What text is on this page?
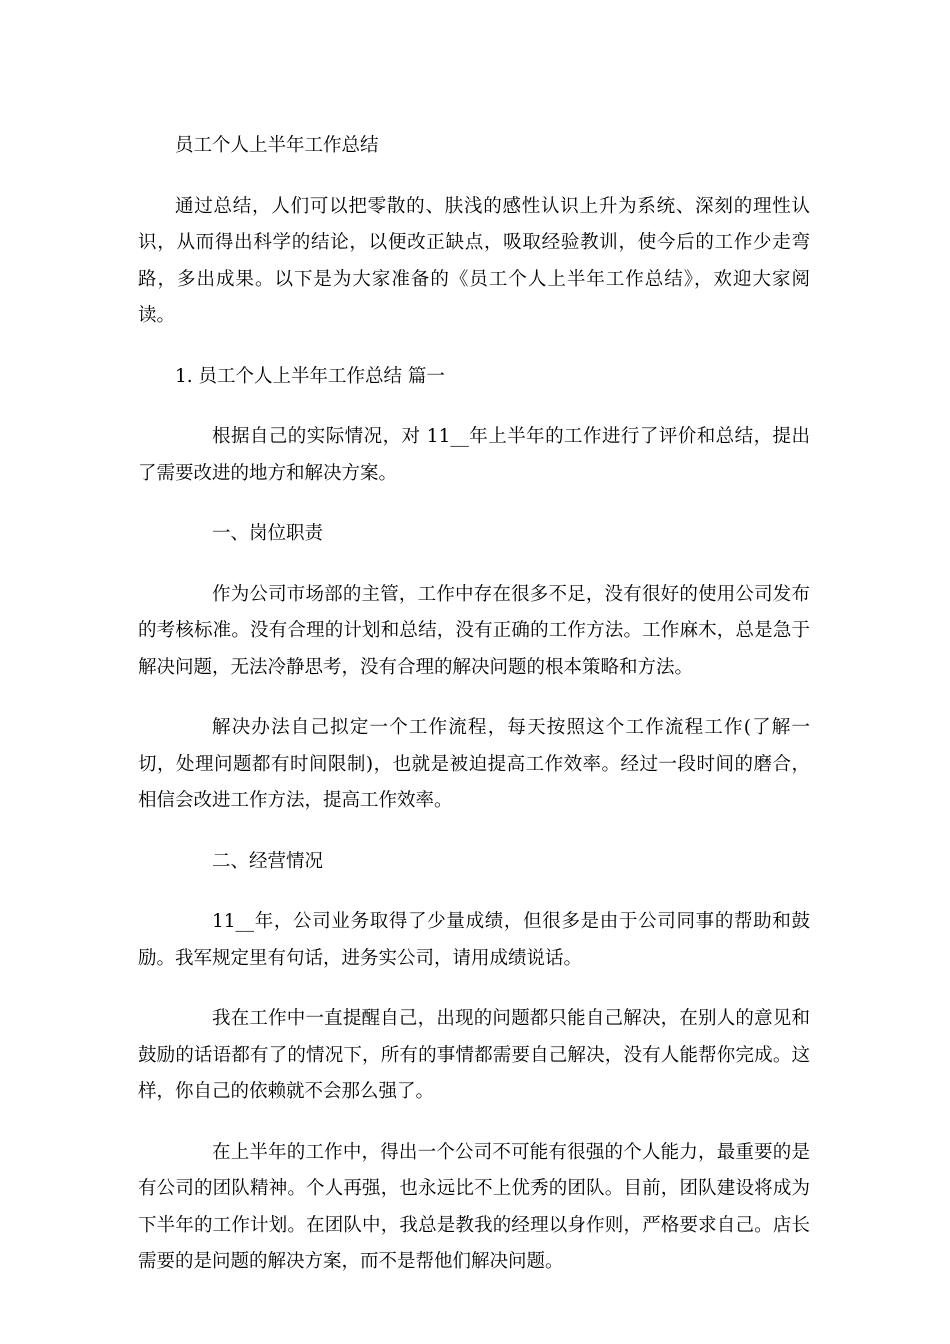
员工个人上半年工作总结

通过总结，人们可以把零散的、肤浅的感性认识上升为系统、深刻的理性认识，从而得出科学的结论，以便改正缺点，吸取经验教训，使今后的工作少走弯路，多出成果。以下是为大家准备的《员工个人上半年工作总结》，欢迎大家阅读。

1. 员工个人上半年工作总结 篇一

根据自己的实际情况，对 11__年上半年的工作进行了评价和总结，提出了需要改进的地方和解决方案。

一、岗位职责

作为公司市场部的主管，工作中存在很多不足，没有很好的使用公司发布的考核标准。没有合理的计划和总结，没有正确的工作方法。工作麻木，总是急于解决问题，无法冷静思考，没有合理的解决问题的根本策略和方法。

解决办法自己拟定一个工作流程，每天按照这个工作流程工作(了解一切，处理问题都有时间限制)，也就是被迫提高工作效率。经过一段时间的磨合，相信会改进工作方法，提高工作效率。

二、经营情况

11__年，公司业务取得了少量成绩，但很多是由于公司同事的帮助和鼓励。我军规定里有句话，进务实公司，请用成绩说话。

我在工作中一直提醒自己，出现的问题都只能自己解决，在别人的意见和鼓励的话语都有了的情况下，所有的事情都需要自己解决，没有人能帮你完成。这样，你自己的依赖就不会那么强了。

在上半年的工作中，得出一个公司不可能有很强的个人能力，最重要的是有公司的团队精神。个人再强，也永远比不上优秀的团队。目前，团队建设将成为下半年的工作计划。在团队中，我总是教我的经理以身作则，严格要求自己。店长需要的是问题的解决方案，而不是帮他们解决问题。
